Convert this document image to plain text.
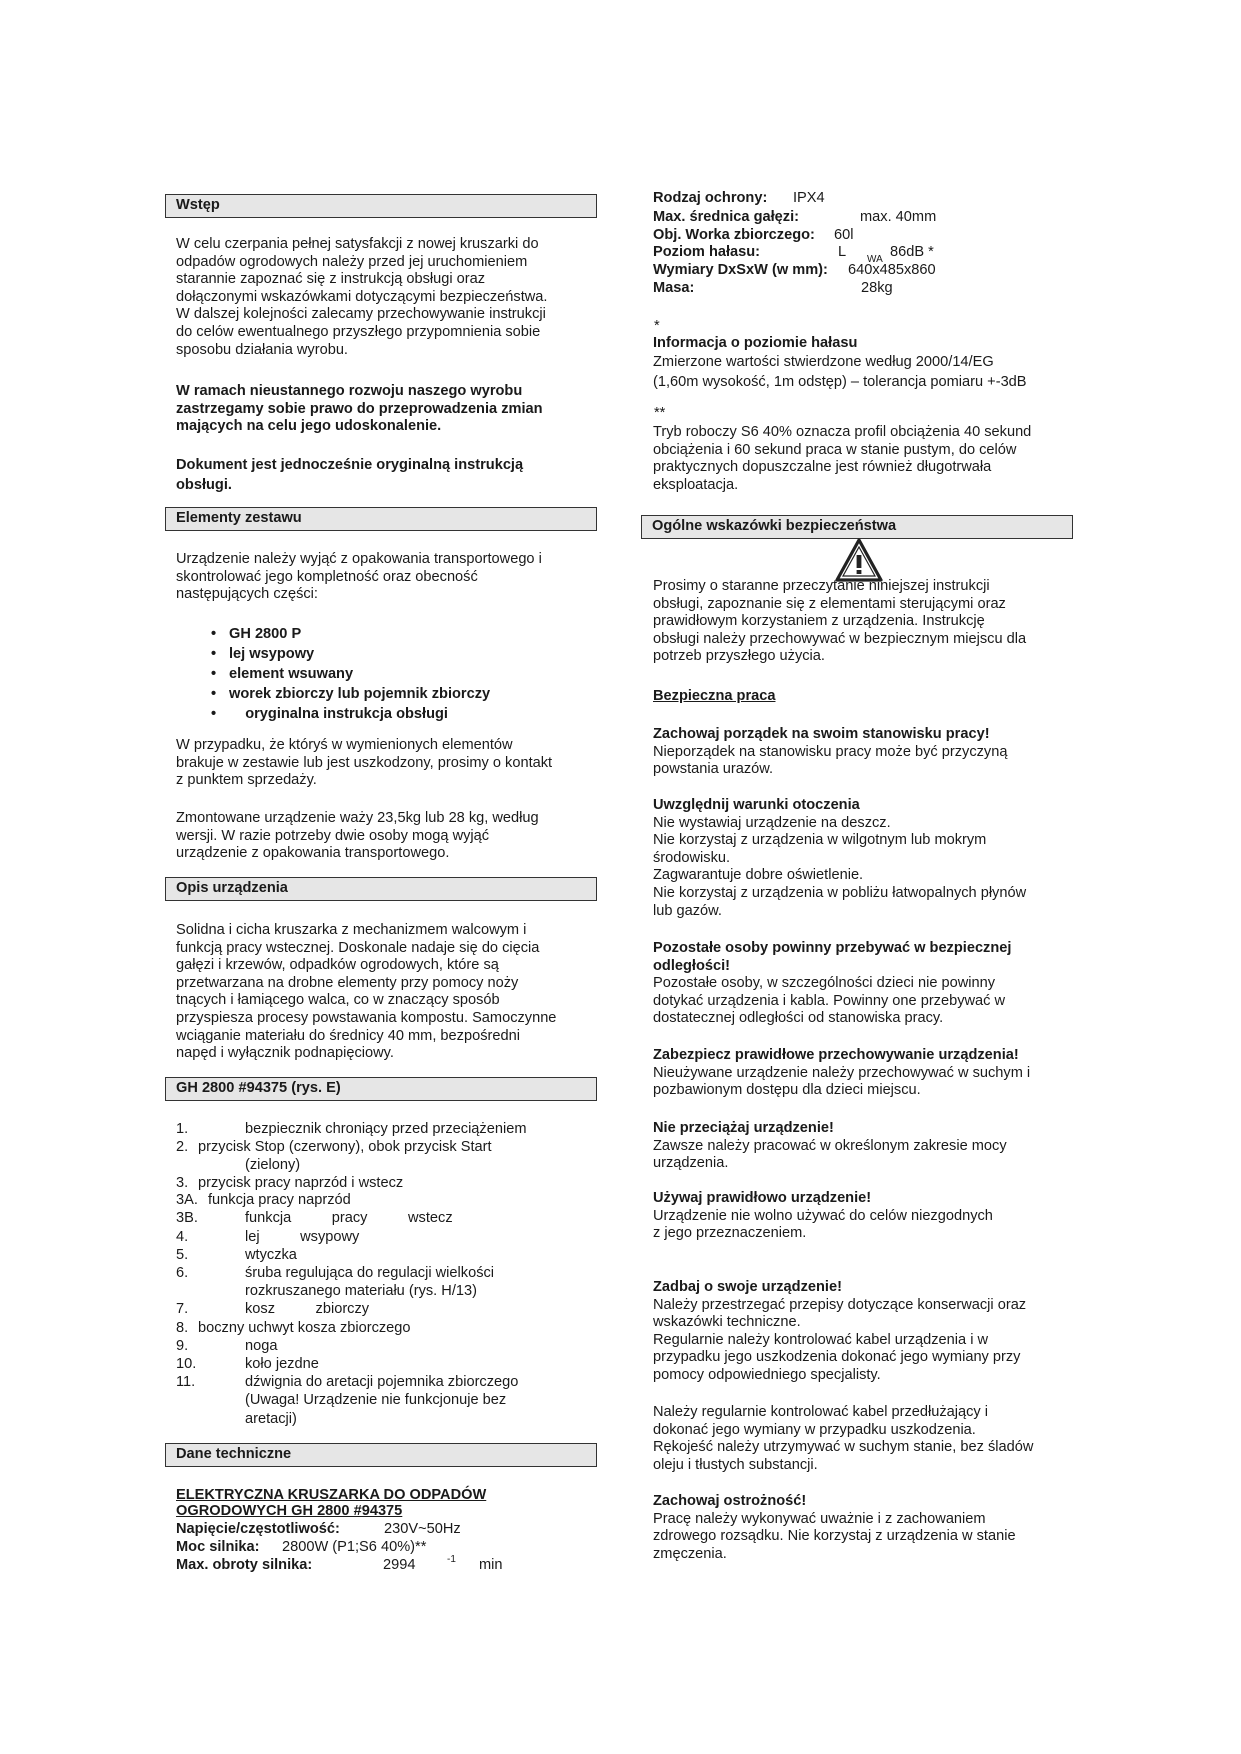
Wstęp
W celu czerpania pełnej satysfakcji z nowej kruszarki do
odpadów ogrodowych należy przed jej uruchomieniem
starannie zapoznać się z instrukcją obsługi oraz
dołączonymi wskazówkami dotyczącymi bezpieczeństwa.
W dalszej kolejności zalecamy przechowywanie instrukcji
do celów ewentualnego przyszłego przypomnienia sobie
sposobu działania wyrobu.
W ramach nieustannego rozwoju naszego wyrobu
zastrzegamy sobie prawo do przeprowadzenia zmian
mających na celu jego udoskonalenie.
Dokument jest jednocześnie oryginalną instrukcją
obsługi.
Elementy zestawu
Urządzenie należy wyjąć z opakowania transportowego i
skontrolować jego kompletność oraz obecność
następujących części:
• GH 2800 P
• lej wsypowy
• element wsuwany
• worek zbiorczy lub pojemnik zbiorczy
•     oryginalna instrukcja obsługi
W przypadku, że któryś w wymienionych elementów
brakuje w zestawie lub jest uszkodzony, prosimy o kontakt
z punktem sprzedaży.
Zmontowane urządzenie waży 23,5kg lub 28 kg, według
wersji. W razie potrzeby dwie osoby mogą wyjąć
urządzenie z opakowania transportowego.
Opis urządzenia
Solidna i cicha kruszarka z mechanizmem walcowym i
funkcją pracy wstecznej. Doskonale nadaje się do cięcia
gałęzi i krzewów, odpadków ogrodowych, które są
przetwarzana na drobne elementy przy pomocy noży
tnących i łamiącego walca, co w znaczący sposób
przyspiesza procesy powstawania kompostu. Samoczynne
wciąganie materiału do średnicy 40 mm, bezpośredni
napęd i wyłącznik podnapięciowy.
GH 2800 #94375 (rys. E)
1.	bezpiecznik chroniący przed przeciążeniem
2. przycisk Stop (czerwony), obok przycisk Start
(zielony)
3. przycisk pracy naprzód i wstecz
3A. funkcja pracy naprzód
3B.	funkcja          pracy          wstecz
4.	lej          wsypowy
5.	wtyczka
6.	śruba regulująca do regulacji wielkości
rozkruszanego materiału (rys. H/13)
7.	kosz          zbiorczy
8. boczny uchwyt kosza zbiorczego
9.	noga
10.	koło jezdne
11.	dźwignia do aretacji pojemnika zbiorczego
(Uwaga! Urządzenie nie funkcjonuje bez
aretacji)
Dane techniczne
ELEKTRYCZNA KRUSZARKA DO ODPADÓW
OGRODOWYCH GH 2800 #94375
Napięcie/częstotliwość:	230V~50Hz
Moc silnika: 2800W (P1;S6 40%)**
Max. obroty silnika:	2994	-1 min
Rodzaj ochrony: IPX4
Max. średnica gałęzi:	max. 40mm
Obj. Worka zbiorczego: 60l
Poziom hałasu:	L WA 86dB *
Wymiary DxSxW (w mm): 640x485x860
Masa:	28kg
*
Informacja o poziomie hałasu
Zmierzone wartości stwierdzone według 2000/14/EG
(1,60m wysokość, 1m odstęp) – tolerancja pomiaru +-3dB
**
Tryb roboczy S6 40% oznacza profil obciążenia 40 sekund
obciążenia i 60 sekund praca w stanie pustym, do celów
praktycznych dopuszczalne jest również długotrwała
eksploatacja.
Ogólne wskazówki bezpieczeństwa
Prosimy o staranne przeczytanie niniejszej instrukcji
obsługi, zapoznanie się z elementami sterującymi oraz
prawidłowym korzystaniem z urządzenia. Instrukcję
obsługi należy przechowywać w bezpiecznym miejscu dla
potrzeb przyszłego użycia.
Bezpieczna praca
Zachowaj porządek na swoim stanowisku pracy!
Nieporządek na stanowisku pracy może być przyczyną
powstania urazów.
Uwzględnij warunki otoczenia
Nie wystawiaj urządzenie na deszcz.
Nie korzystaj z urządzenia w wilgotnym lub mokrym
środowisku.
Zagwarantuje dobre oświetlenie.
Nie korzystaj z urządzenia w pobliżu łatwopalnych płynów
lub gazów.
Pozostałe osoby powinny przebywać w bezpiecznej
odległości!
Pozostałe osoby, w szczególności dzieci nie powinny
dotykać urządzenia i kabla. Powinny one przebywać w
dostatecznej odległości od stanowiska pracy.
Zabezpiecz prawidłowe przechowywanie urządzenia!
Nieużywane urządzenie należy przechowywać w suchym i
pozbawionym dostępu dla dzieci miejscu.
Nie przeciążaj urządzenie!
Zawsze należy pracować w określonym zakresie mocy
urządzenia.
Używaj prawidłowo urządzenie!
Urządzenie nie wolno używać do celów niezgodnych
z jego przeznaczeniem.
Zadbaj o swoje urządzenie!
Należy przestrzegać przepisy dotyczące konserwacji oraz
wskazówki techniczne.
Regularnie należy kontrolować kabel urządzenia i w
przypadku jego uszkodzenia dokonać jego wymiany przy
pomocy odpowiedniego specjalisty.
Należy regularnie kontrolować kabel przedłużający i
dokonać jego wymiany w przypadku uszkodzenia.
Rękojeść należy utrzymywać w suchym stanie, bez śladów
oleju i tłustych substancji.
Zachowaj ostrożność!
Pracę należy wykonywać uważnie i z zachowaniem
zdrowego rozsądku. Nie korzystaj z urządzenia w stanie
zmęczenia.
